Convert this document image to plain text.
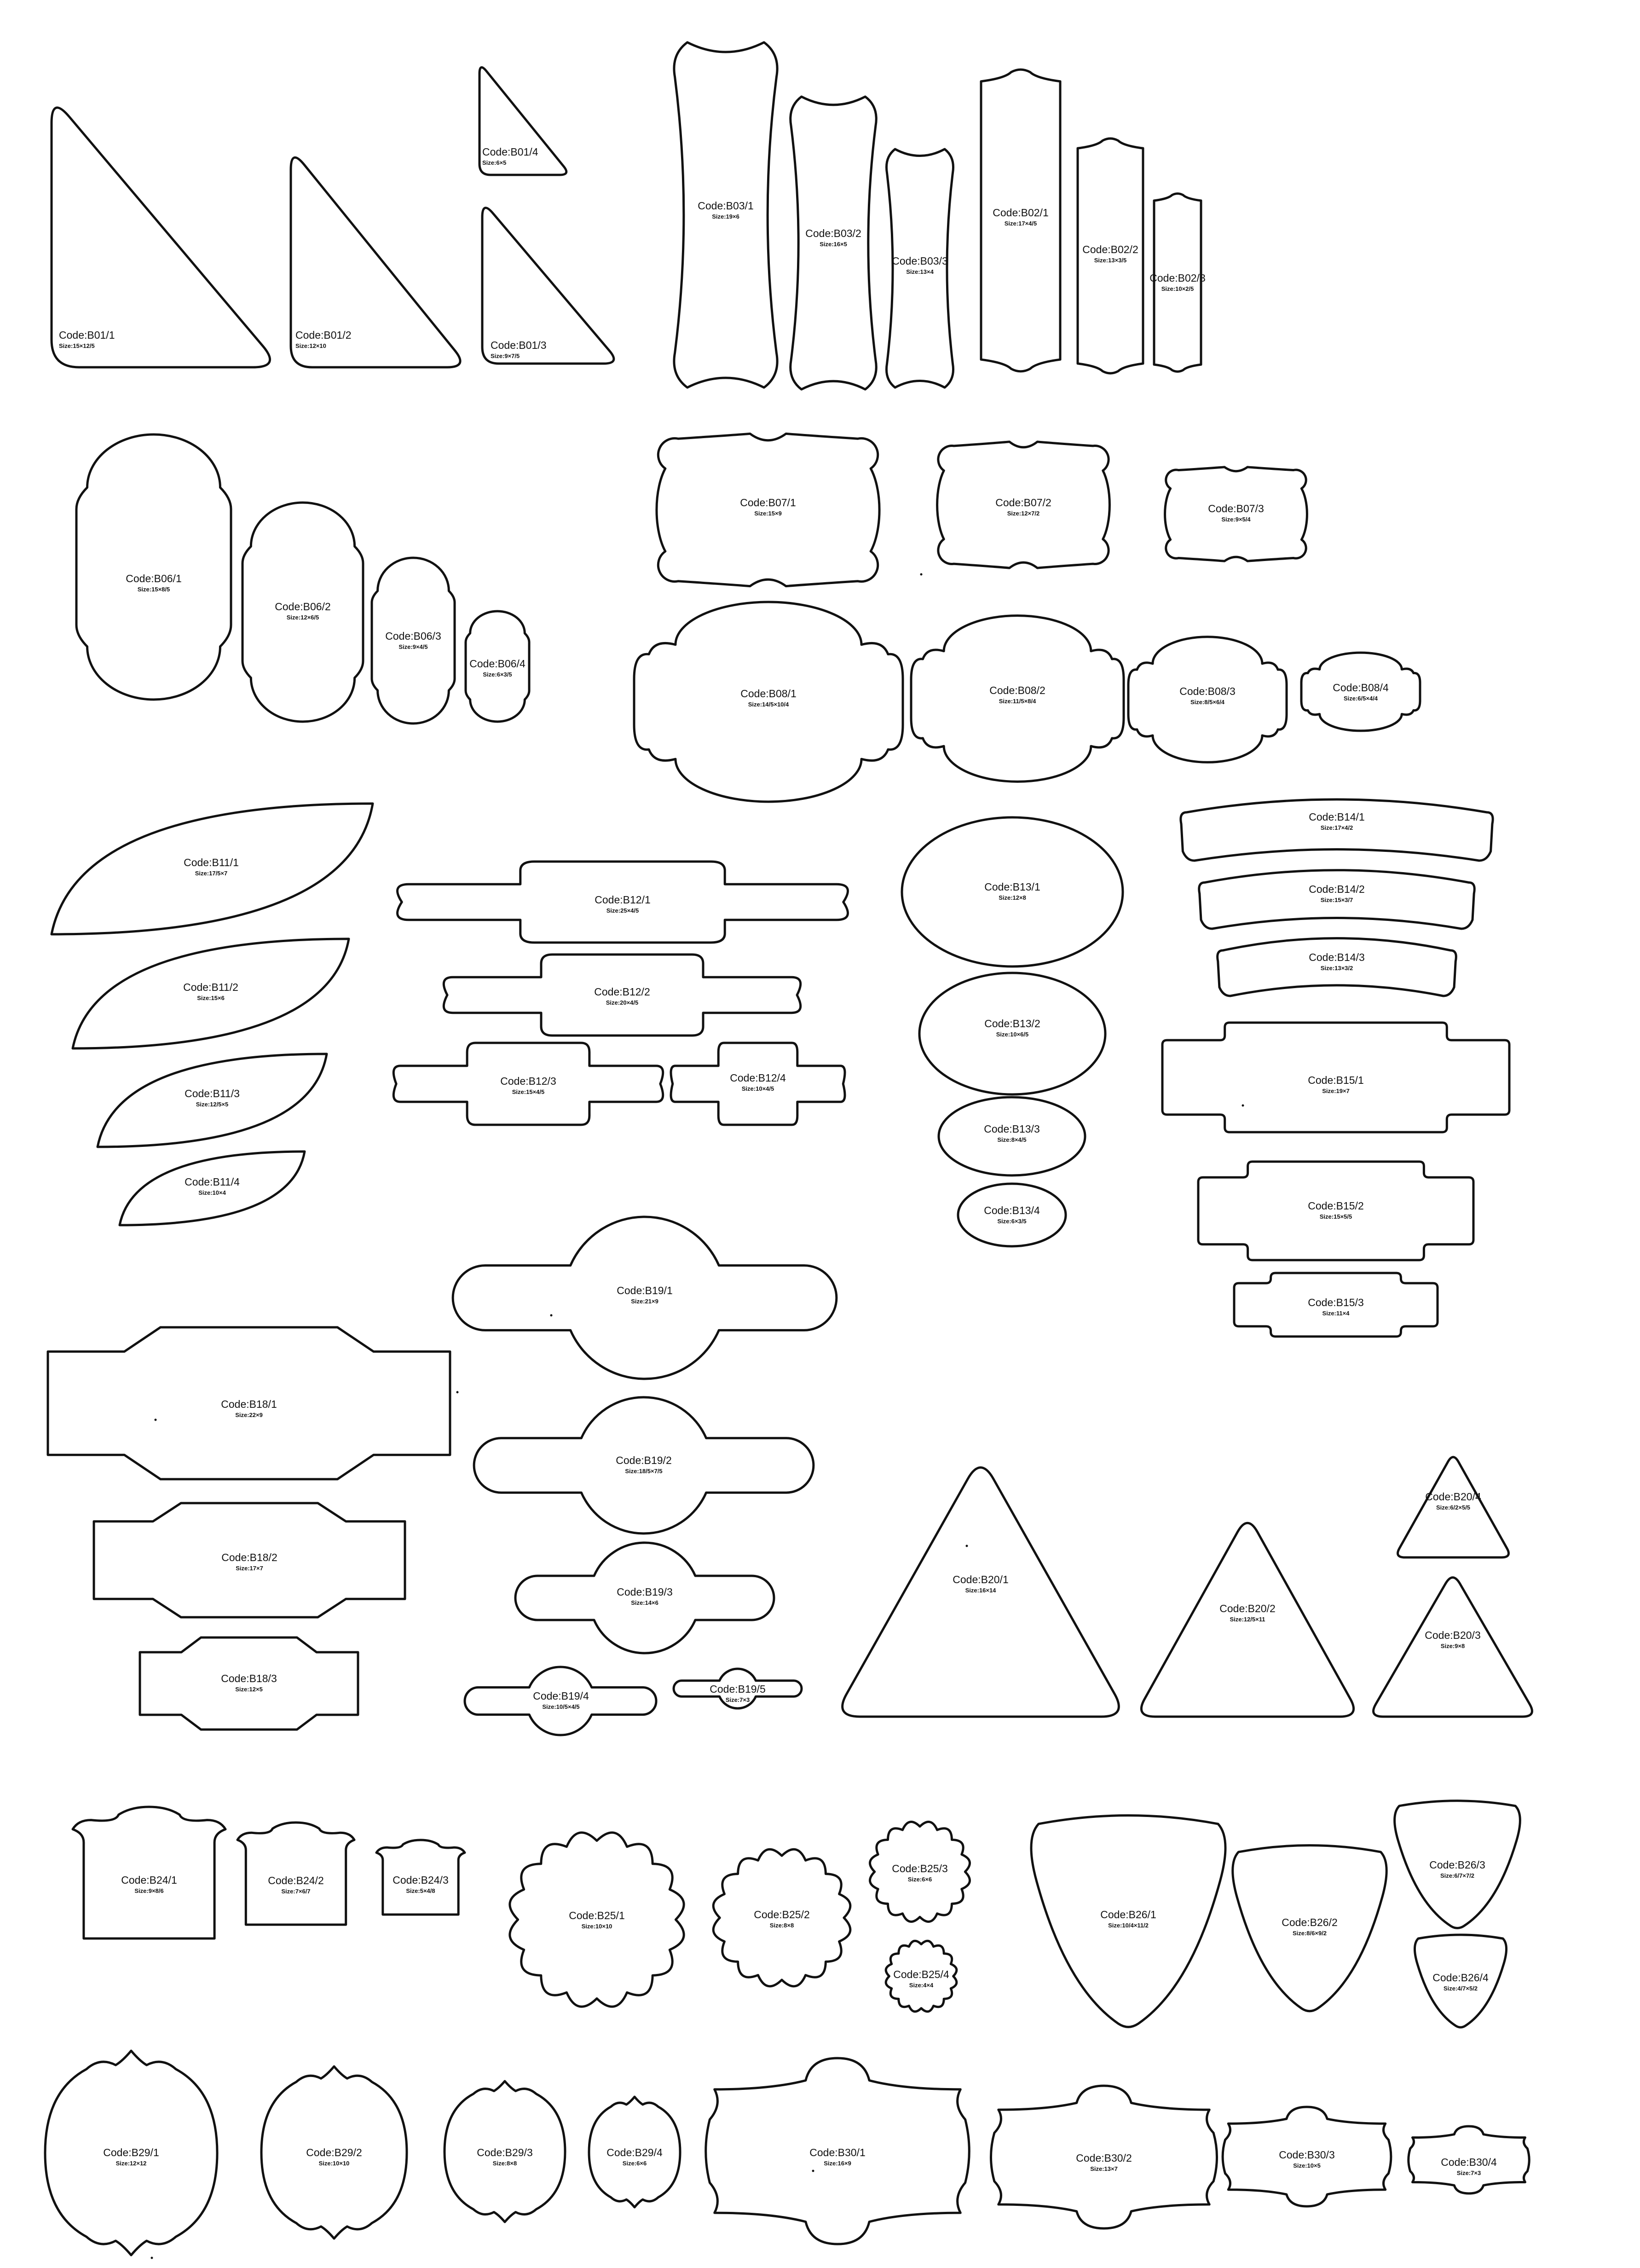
Code:B01/1
Size:15×12/5
Code:B01/2
Size:12×10
Code:B01/4
Size:6×5
Code:B01/3
Size:9×7/5
Code:B03/1
Size:19×6
Code:B03/2
Size:16×5
Code:B03/3
Size:13×4
Code:B02/1
Size:17×4/5
Code:B02/2
Size:13×3/5
Code:B02/3
Size:10×2/5
Code:B06/1
Size:15×8/5
Code:B06/2
Size:12×6/5
Code:B06/3
Size:9×4/5
Code:B06/4
Size:6×3/5
Code:B07/1
Size:15×9
Code:B07/2
Size:12×7/2	Code:B07/3
Size:9×5/4
Code:B08/1
Size:14/5×10/4
Code:B08/2
Size:11/5×8/4
Code:B08/3
Size:8/5×6/4
Code:B08/4
Size:6/5×4/4
Code:B11/1
Size:17/5×7
Code:B11/2
Size:15×6
Code:B11/3
Size:12/5×5
Code:B11/4
Size:10×4
Code:B12/1
Size:25×4/5
Code:B12/2
Size:20×4/5
Code:B12/3
Size:15×4/5
Code:B12/4
Size:10×4/5
Code:B13/1
Size:12×8
Code:B13/2
Size:10×6/5
Code:B13/3
Size:8×4/5
Code:B13/4
Size:6×3/5
Code:B14/1
Size:17×4/2
Code:B14/2
Size:15×3/7
Code:B14/3
Size:13×3/2
Code:B15/1
Size:19×7
Code:B15/2
Size:15×5/5
Code:B15/3
Size:11×4
Code:B18/1
Size:22×9
Code:B18/2
Size:17×7
Code:B18/3
Size:12×5
Code:B19/1
Size:21×9
Code:B19/2
Size:18/5×7/5
Code:B19/3
Size:14×6
Code:B19/4
Size:10/5×4/5
Code:B19/5
Size:7×3
Code:B20/1
Size:16×14
Code:B20/2
Size:12/5×11
Code:B20/4
Size:6/2×5/5
Code:B20/3
Size:9×8
Code:B24/1
Size:9×8/6
Code:B24/2
Size:7×6/7
Code:B24/3
Size:5×4/8
Code:B25/1
Size:10×10
Code:B25/2
Size:8×8
Code:B25/3
Size:6×6
Code:B25/4
Size:4×4
Code:B26/1
Size:10/4×11/2	Code:B26/2
Size:8/6×9/2
Code:B26/3
Size:6/7×7/2
Code:B26/4
Size:4/7×5/2
Code:B29/1
Size:12×12
Code:B29/2
Size:10×10
Code:B29/3
Size:8×8
Code:B29/4
Size:6×6
Code:B30/1
Size:16×9	Code:B30/2
Size:13×7
Code:B30/3
Size:10×5	Code:B30/4
Size:7×3
